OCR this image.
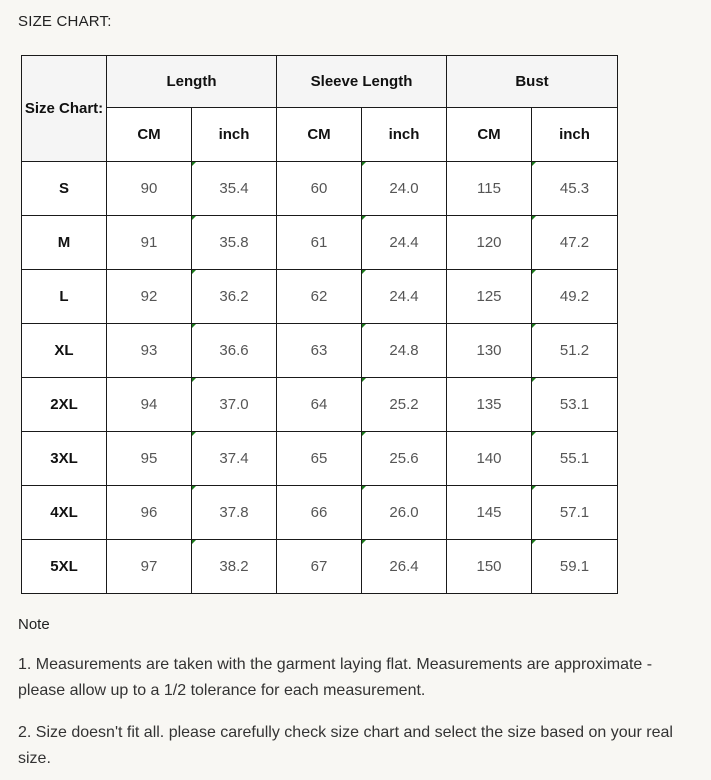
SIZE CHART:
Size Chart:	Length		Sleeve Length		Bust	
	CM	inch	CM	inch	CM	inch
S	90	35.4	60	24.0	115	45.3
M	91	35.8	61	24.4	120	47.2
L	92	36.2	62	24.4	125	49.2
XL	93	36.6	63	24.8	130	51.2
2XL	94	37.0	64	25.2	135	53.1
3XL	95	37.4	65	25.6	140	55.1
4XL	96	37.8	66	26.0	145	57.1
5XL	97	38.2	67	26.4	150	59.1
Note
1. Measurements are taken with the garment laying flat. Measurements are approximate - please allow up to a 1/2 tolerance for each measurement.
2. Size doesn't fit all. please carefully check size chart and select the size based on your real size.
